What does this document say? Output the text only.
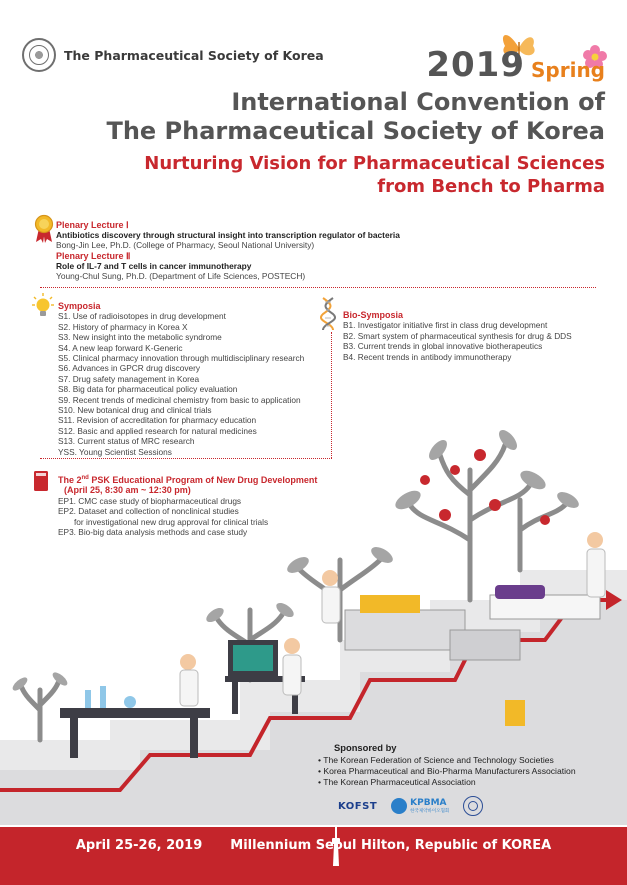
The Pharmaceutical Society of Korea	2019 Spring
International Convention of
The Pharmaceutical Society of Korea
Nurturing Vision for Pharmaceutical Sciences
from Bench to Pharma
Plenary Lecture Ⅰ
Antibiotics discovery through structural insight into transcription regulator of bacteria
Bong-Jin Lee, Ph.D. (College of Pharmacy, Seoul National University)
Plenary Lecture Ⅱ
Role of IL-7 and T cells in cancer immunotherapy
Young-Chul Sung, Ph.D. (Department of Life Sciences, POSTECH)
Symposia
S1. Use of radioisotopes in drug development
S2. History of pharmacy in Korea X
S3. New insight into the metabolic syndrome
S4. A new leap forward K-Generic
S5. Clinical pharmacy innovation through multidisciplinary research
S6. Advances in GPCR drug discovery
S7. Drug safety management in Korea
S8. Big data for pharmaceutical policy evaluation
S9. Recent trends of medicinal chemistry from basic to application
S10. New botanical drug and clinical trials
S11. Revision of accreditation for pharmacy education
S12. Basic and applied research for natural medicines
S13. Current status of MRC research
YSS. Young Scientist Sessions
Bio-Symposia
B1. Investigator initiative first in class drug development
B2. Smart system of pharmaceutical synthesis for drug & DDS
B3. Current trends in global innovative biotherapeutics
B4. Recent trends in antibody immunotherapy
The 2nd PSK Educational Program of New Drug Development
(April 25, 8:30 am ~ 12:30 pm)
EP1. CMC case study of biopharmaceutical drugs
EP2. Dataset and collection of nonclinical studies
for investigational new drug approval for clinical trials
EP3. Bio-big data analysis methods and case study
Sponsored by
• The Korean Federation of Science and Technology Societies
• Korea Pharmaceutical and Bio-Pharma Manufacturers Association
• The Korean Pharmaceutical Association
KOFST	KPBMA
한국제약바이오협회
April 25-26, 2019 Millennium Seoul Hilton, Republic of KOREA
